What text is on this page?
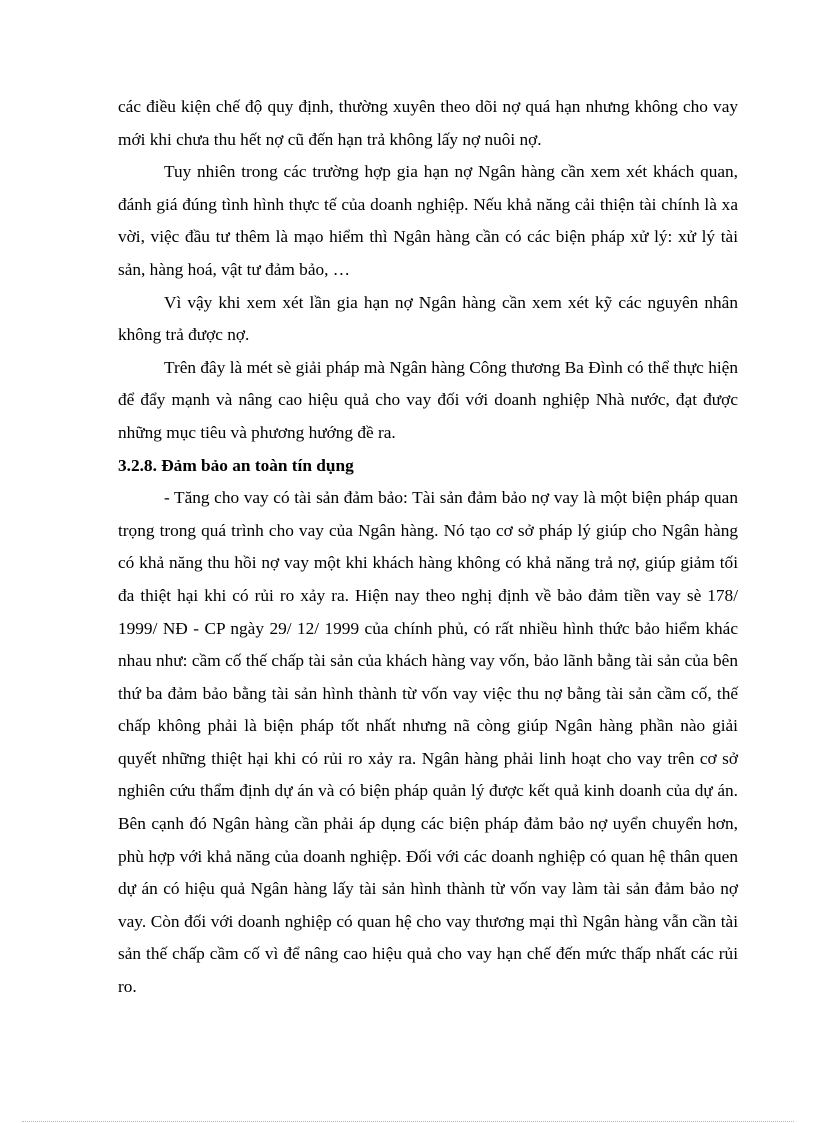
các điều kiện chế độ quy định, thường xuyên theo dõi nợ quá hạn nhưng không cho vay mới khi chưa thu hết nợ cũ đến hạn trả không lấy nợ nuôi nợ.

Tuy nhiên trong các trường hợp gia hạn nợ Ngân hàng cần xem xét khách quan, đánh giá đúng tình hình thực tế của doanh nghiệp. Nếu khả năng cải thiện tài chính là xa vời, việc đầu tư thêm là mạo hiểm thì Ngân hàng cần có các biện pháp xử lý: xử lý tài sản, hàng hoá, vật tư đảm bảo, …

Vì vậy khi xem xét lần gia hạn nợ Ngân hàng cần xem xét kỹ các nguyên nhân không trả được nợ.

Trên đây là mét sè giải pháp mà Ngân hàng Công thương Ba Đình có thể thực hiện để đẩy mạnh và nâng cao hiệu quả cho vay đối với doanh nghiệp Nhà nước, đạt được những mục tiêu và phương hướng đề ra.

3.2.8. Đảm bảo an toàn tín dụng

- Tăng cho vay có tài sản đảm bảo: Tài sản đảm bảo nợ vay là một biện pháp quan trọng trong quá trình cho vay của Ngân hàng. Nó tạo cơ sở pháp lý giúp cho Ngân hàng có khả năng thu hồi nợ vay một khi khách hàng không có khả năng trả nợ, giúp giảm tối đa thiệt hại khi có rủi ro xảy ra. Hiện nay theo nghị định về bảo đảm tiền vay sè 178/ 1999/ NĐ - CP ngày 29/ 12/ 1999 của chính phủ, có rất nhiều hình thức bảo hiểm khác nhau như: cầm cố thế chấp tài sản của khách hàng vay vốn, bảo lãnh bằng tài sản của bên thứ ba đảm bảo bằng tài sản hình thành từ vốn vay việc thu nợ bằng tài sản cầm cố, thế chấp không phải là biện pháp tốt nhất nhưng nã còng giúp Ngân hàng phần nào giải quyết những thiệt hại khi có rủi ro xảy ra. Ngân hàng phải linh hoạt cho vay trên cơ sở nghiên cứu thẩm định dự án và có biện pháp quản lý được kết quả kinh doanh của dự án. Bên cạnh đó Ngân hàng cần phải áp dụng các biện pháp đảm bảo nợ uyển chuyển hơn, phù hợp với khả năng của doanh nghiệp. Đối với các doanh nghiệp có quan hệ thân quen dự án có hiệu quả Ngân hàng lấy tài sản hình thành từ vốn vay làm tài sản đảm bảo nợ vay. Còn đối với doanh nghiệp có quan hệ cho vay thương mại thì Ngân hàng vẫn cần tài sản thế chấp cầm cố vì để nâng cao hiệu quả cho vay hạn chế đến mức thấp nhất các rủi ro.
